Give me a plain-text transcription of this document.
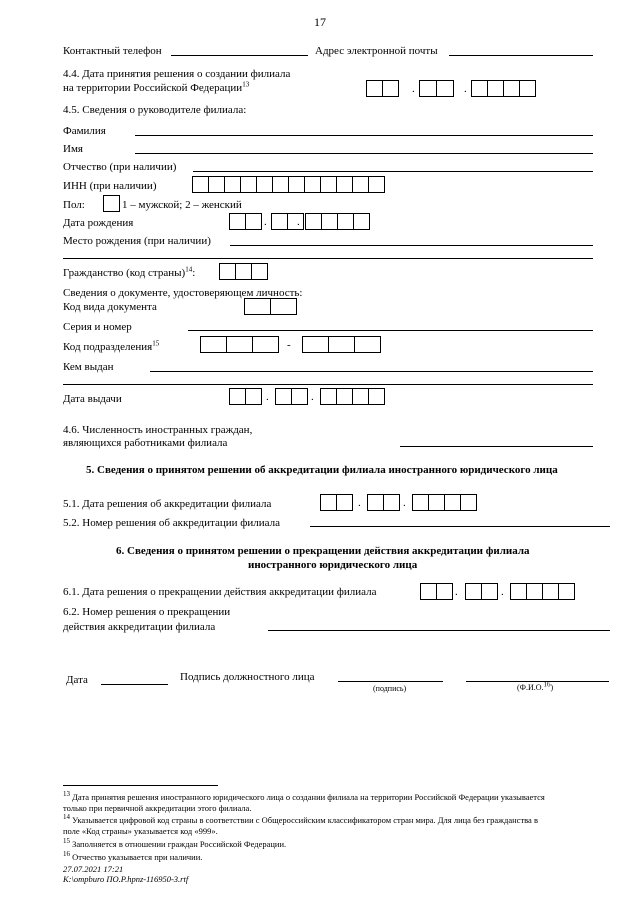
17
Контактный телефон	Адрес электронной почты
4.4. Дата принятия решения о создании филиала
на территории Российской Федерации$^{13}$	.	.
4.5. Сведения о руководителе филиала:
Фамилия
Имя
Отчество (при наличии)
ИНН (при наличии)
Пол:	1 – мужской; 2 – женский
Дата рождения	.	.
Место рождения (при наличии)
Гражданство (код страны)$^{14}$:
Сведения о документе, удостоверяющем личность:
Код вида документа
Серия и номер
Код подразделения$^{15}$	-
Кем выдан
Дата выдачи	.	.
4.6. Численность иностранных граждан,
являющихся работниками филиала
5. Сведения о принятом решении об аккредитации филиала иностранного юридического лица
5.1. Дата решения об аккредитации филиала	.	.
5.2. Номер решения об аккредитации филиала
6. Сведения о принятом решении о прекращении действия аккредитации филиала
иностранного юридического лица
6.1. Дата решения о прекращении действия аккредитации филиала	.	.
6.2. Номер решения о прекращении
действия аккредитации филиала
Дата	Подпись должностного лица
(подпись)	(Ф.И.О.$^{16}$)
$^{13}$ Дата принятия решения иностранного юридического лица о создании филиала на территории Российской Федерации указывается
только при первичной аккредитации этого филиала.
$^{14}$ Указывается цифровой код страны в соответствии с Общероссийским классификатором стран мира. Для лица без гражданства в
поле «Код страны» указывается код «999».
$^{15}$ Заполняется в отношении граждан Российской Федерации.
$^{16}$ Отчество указывается при наличии.
27.07.2021 17:21
К:\ompburo ПО.Р.hpnz-116950-3.rtf
